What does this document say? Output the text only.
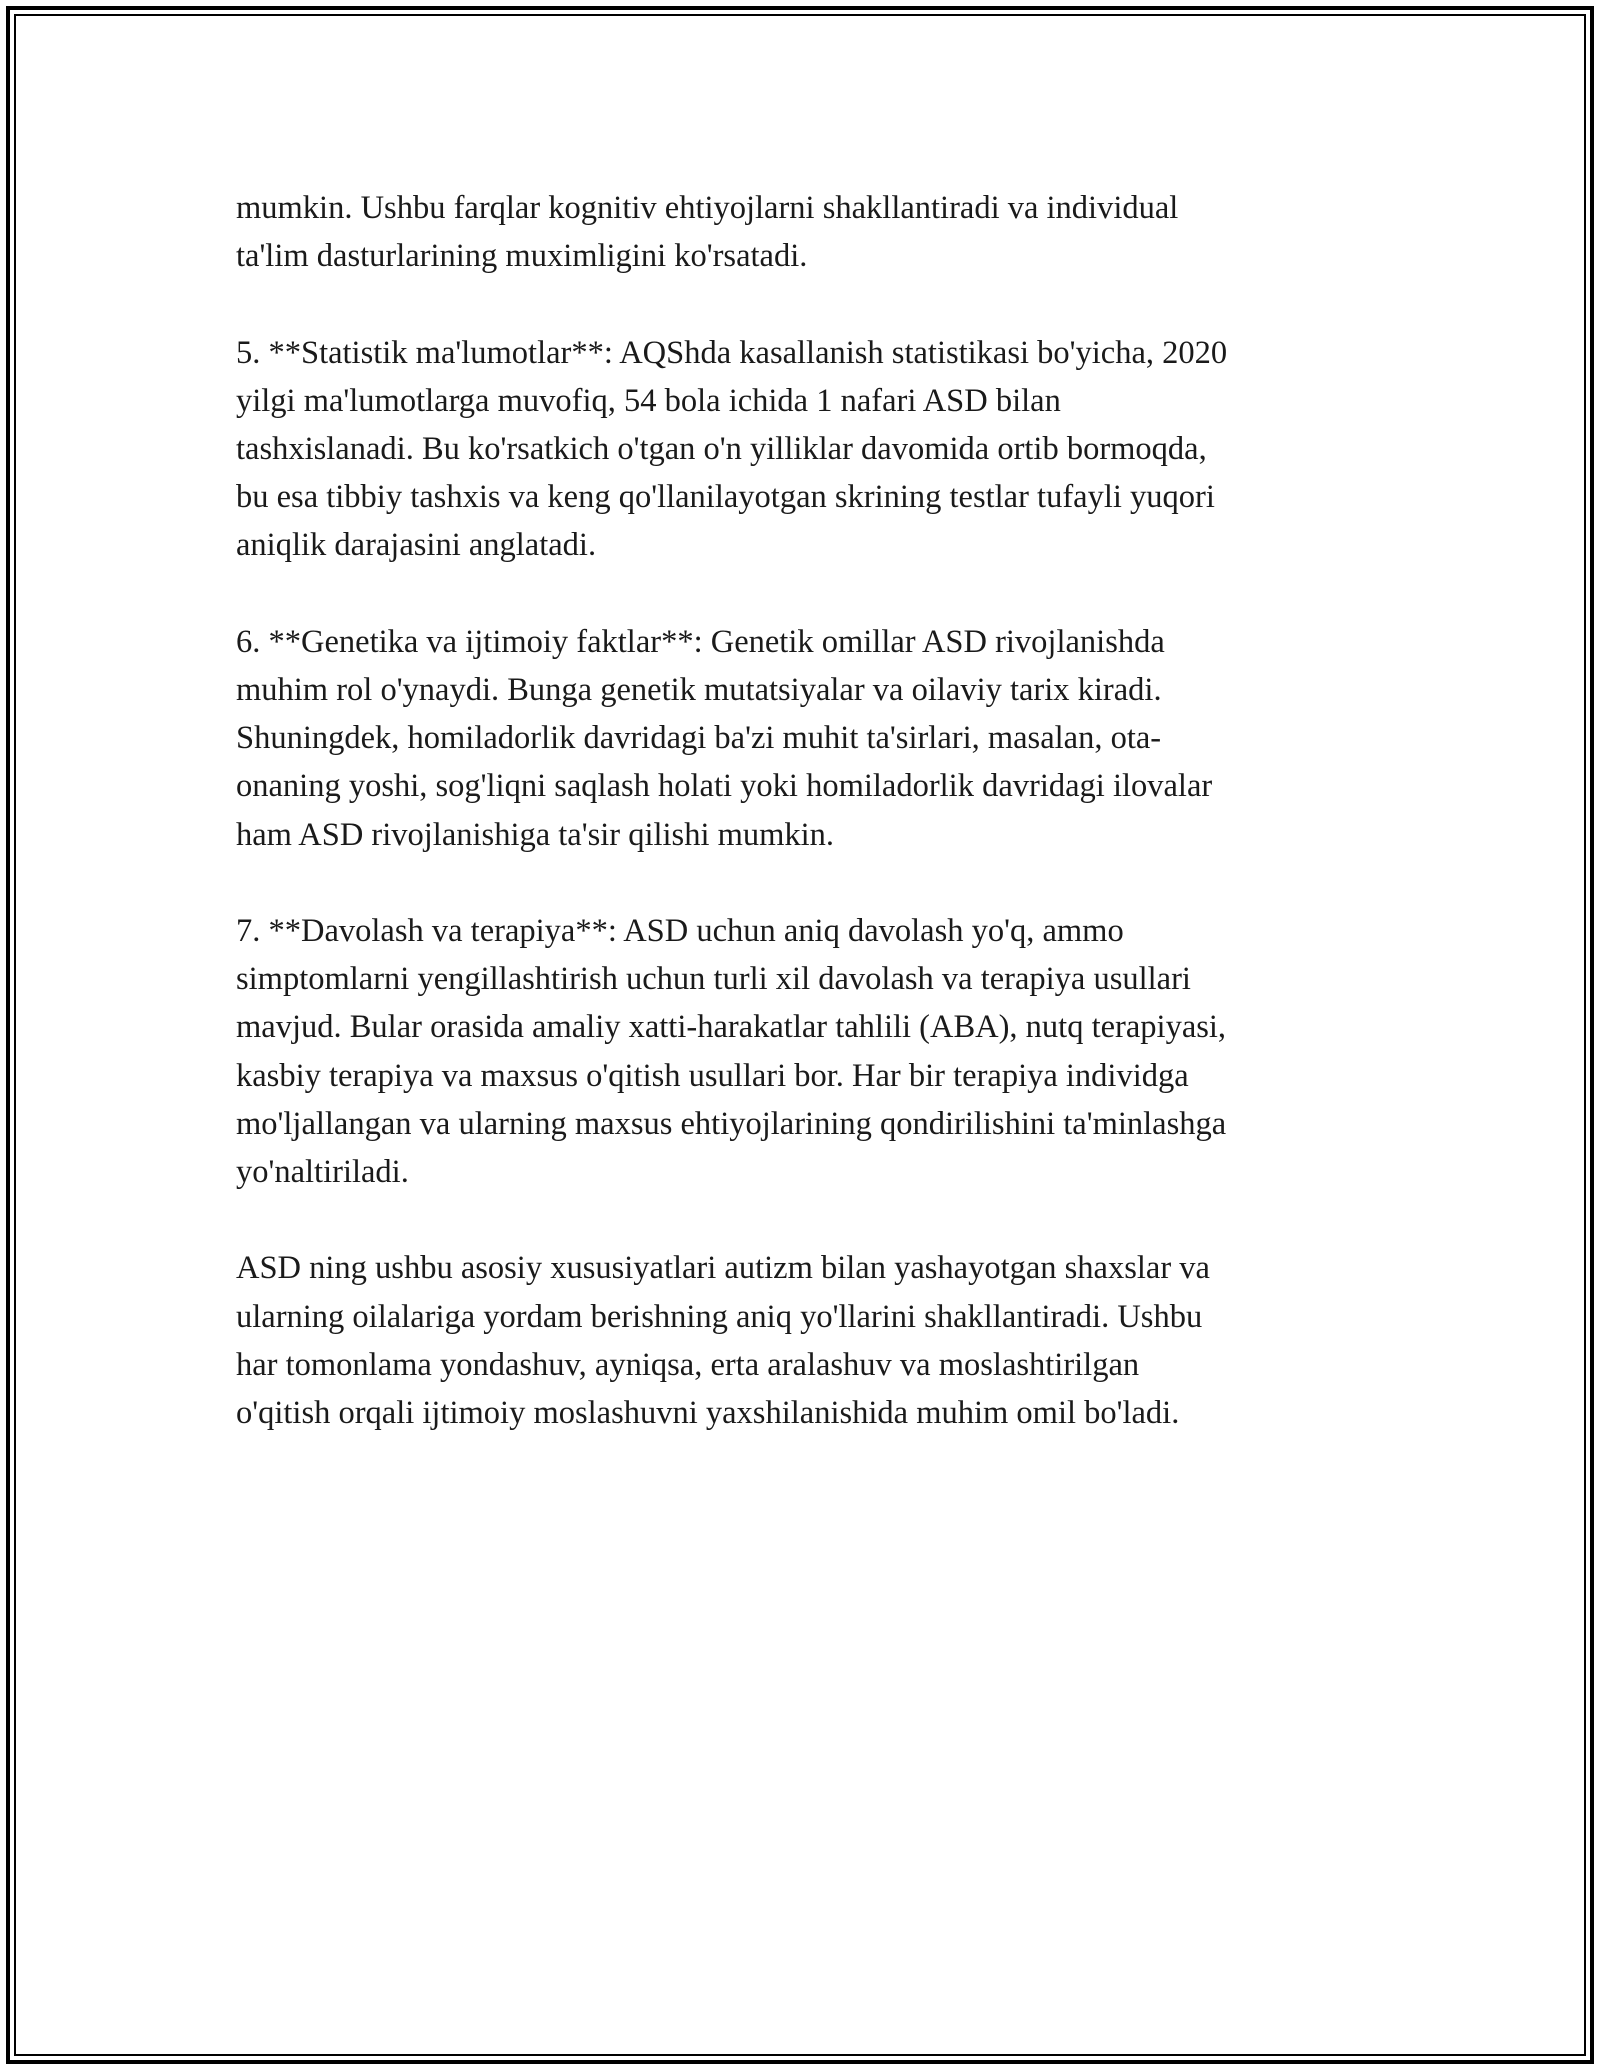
mumkin. Ushbu farqlar kognitiv ehtiyojlarni shakllantiradi va individual
ta'lim dasturlarining muximligini ko'rsatadi.

5. **Statistik ma'lumotlar**: AQShda kasallanish statistikasi bo'yicha, 2020
yilgi ma'lumotlarga muvofiq, 54 bola ichida 1 nafari ASD bilan
tashxislanadi. Bu ko'rsatkich o'tgan o'n yilliklar davomida ortib bormoqda,
bu esa tibbiy tashxis va keng qo'llanilayotgan skrining testlar tufayli yuqori
aniqlik darajasini anglatadi.

6. **Genetika va ijtimoiy faktlar**: Genetik omillar ASD rivojlanishda
muhim rol o'ynaydi. Bunga genetik mutatsiyalar va oilaviy tarix kiradi.
Shuningdek, homiladorlik davridagi ba'zi muhit ta'sirlari, masalan, ota-
onaning yoshi, sog'liqni saqlash holati yoki homiladorlik davridagi ilovalar
ham ASD rivojlanishiga ta'sir qilishi mumkin.

7. **Davolash va terapiya**: ASD uchun aniq davolash yo'q, ammo
simptomlarni yengillashtirish uchun turli xil davolash va terapiya usullari
mavjud. Bular orasida amaliy xatti-harakatlar tahlili (ABA), nutq terapiyasi,
kasbiy terapiya va maxsus o'qitish usullari bor. Har bir terapiya individga
mo'ljallangan va ularning maxsus ehtiyojlarining qondirilishini ta'minlashga
yo'naltiriladi.

ASD ning ushbu asosiy xususiyatlari autizm bilan yashayotgan shaxslar va
ularning oilalariga yordam berishning aniq yo'llarini shakllantiradi. Ushbu
har tomonlama yondashuv, ayniqsa, erta aralashuv va moslashtirilgan
o'qitish orqali ijtimoiy moslashuvni yaxshilanishida muhim omil bo'ladi.
